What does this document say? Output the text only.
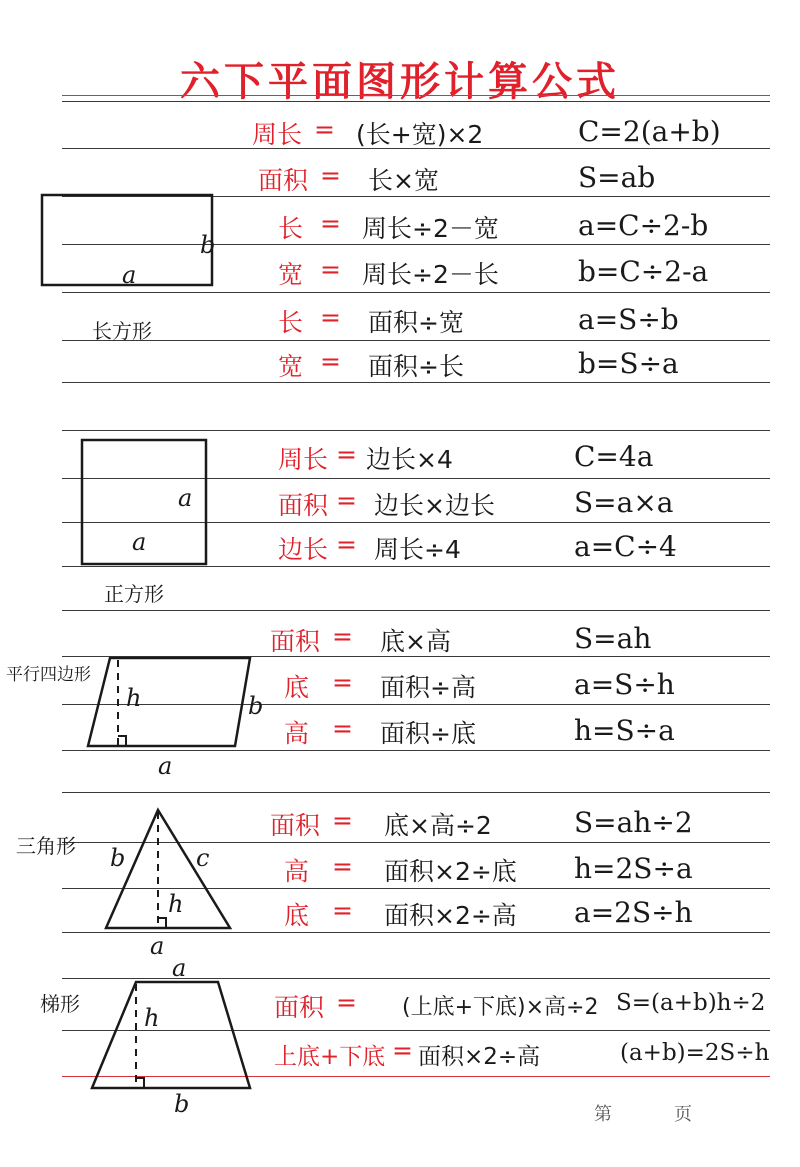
六下平面图形计算公式
b
a
长方形
周长 = (长+宽)×2	C=2(a+b)
面积 = 长×宽	S=ab
长 = 周长÷2－宽	a=C÷2-b
宽 = 周长÷2－长	b=C÷2-a
长 = 面积÷宽	a=S÷b
宽 = 面积÷长	b=S÷a
a
a
正方形
周长 = 边长×4	C=4a
面积 = 边长×边长	S=a×a
边长 = 周长÷4	a=C÷4
平行四边形
h	b
a
面积 = 底×高	S=ah
底 = 面积÷高	a=S÷h
高 = 面积÷底	h=S÷a
三角形 b	c
h
a
面积 = 底×高÷2	S=ah÷2
高 = 面积×2÷底 h=2S÷a
底 = 面积×2÷高 a=2S÷h
梯形
a
h
b
面积 = (上底+下底)×高÷2 S=(a+b)h÷2
上底+下底 = 面积×2÷高	(a+b)=2S÷h
第	页
